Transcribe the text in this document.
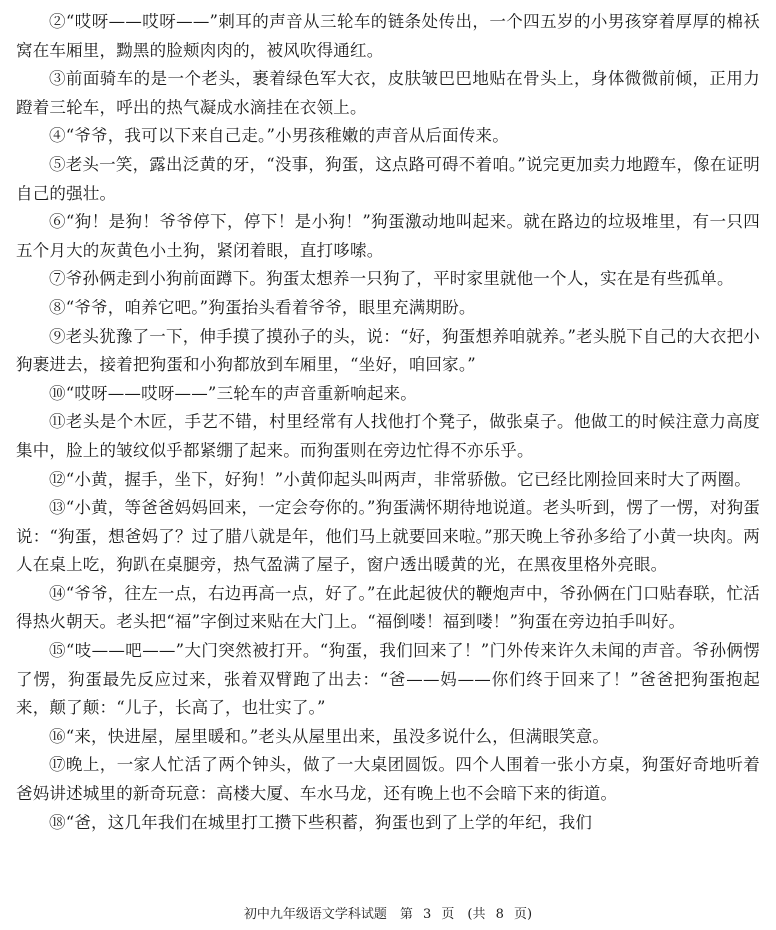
②“哎呀——哎呀——”刺耳的声音从三轮车的链条处传出，一个四五岁的小男孩穿着厚厚的棉袄窝在车厢里，黝黑的脸颊肉肉的，被风吹得通红。

③前面骑车的是一个老头，裹着绿色军大衣，皮肤皱巴巴地贴在骨头上，身体微微前倾，正用力蹬着三轮车，呼出的热气凝成水滴挂在衣领上。

④“爷爷，我可以下来自己走。”小男孩稚嫩的声音从后面传来。

⑤老头一笑，露出泛黄的牙，“没事，狗蛋，这点路可碍不着咱。”说完更加卖力地蹬车，像在证明自己的强壮。

⑥“狗！是狗！爷爷停下，停下！是小狗！”狗蛋激动地叫起来。就在路边的垃圾堆里，有一只四五个月大的灰黄色小土狗，紧闭着眼，直打哆嗦。

⑦爷孙俩走到小狗前面蹲下。狗蛋太想养一只狗了，平时家里就他一个人，实在是有些孤单。

⑧“爷爷，咱养它吧。”狗蛋抬头看着爷爷，眼里充满期盼。

⑨老头犹豫了一下，伸手摸了摸孙子的头，说：“好，狗蛋想养咱就养。”老头脱下自己的大衣把小狗裹进去，接着把狗蛋和小狗都放到车厢里，“坐好，咱回家。”

⑩“哎呀——哎呀——”三轮车的声音重新响起来。

⑪老头是个木匠，手艺不错，村里经常有人找他打个凳子，做张桌子。他做工的时候注意力高度集中，脸上的皱纹似乎都紧绷了起来。而狗蛋则在旁边忙得不亦乐乎。

⑫“小黄，握手，坐下，好狗！”小黄仰起头叫两声，非常骄傲。它已经比刚捡回来时大了两圈。

⑬“小黄，等爸爸妈妈回来，一定会夸你的。”狗蛋满怀期待地说道。老头听到，愣了一愣，对狗蛋说：“狗蛋，想爸妈了？过了腊八就是年，他们马上就要回来啦。”那天晚上爷孙多给了小黄一块肉。两人在桌上吃，狗趴在桌腿旁，热气盈满了屋子，窗户透出暖黄的光，在黑夜里格外亮眼。

⑭“爷爷，往左一点，右边再高一点，好了。”在此起彼伏的鞭炮声中，爷孙俩在门口贴春联，忙活得热火朝天。老头把“福”字倒过来贴在大门上。“福倒喽！福到喽！”狗蛋在旁边拍手叫好。

⑮“吱——吧——”大门突然被打开。“狗蛋，我们回来了！”门外传来许久未闻的声音。爷孙俩愣了愣，狗蛋最先反应过来，张着双臂跑了出去：“爸——妈——你们终于回来了！”爸爸把狗蛋抱起来，颠了颠：“儿子，长高了，也壮实了。”

⑯“来，快进屋，屋里暖和。”老头从屋里出来，虽没多说什么，但满眼笑意。

⑰晚上，一家人忙活了两个钟头，做了一大桌团圆饭。四个人围着一张小方桌，狗蛋好奇地听着爸妈讲述城里的新奇玩意：高楼大厦、车水马龙，还有晚上也不会暗下来的街道。

⑱“爸，这几年我们在城里打工攒下些积蓄，狗蛋也到了上学的年纪，我们

初中九年级语文学科试题　第 3 页　(共 8 页)
